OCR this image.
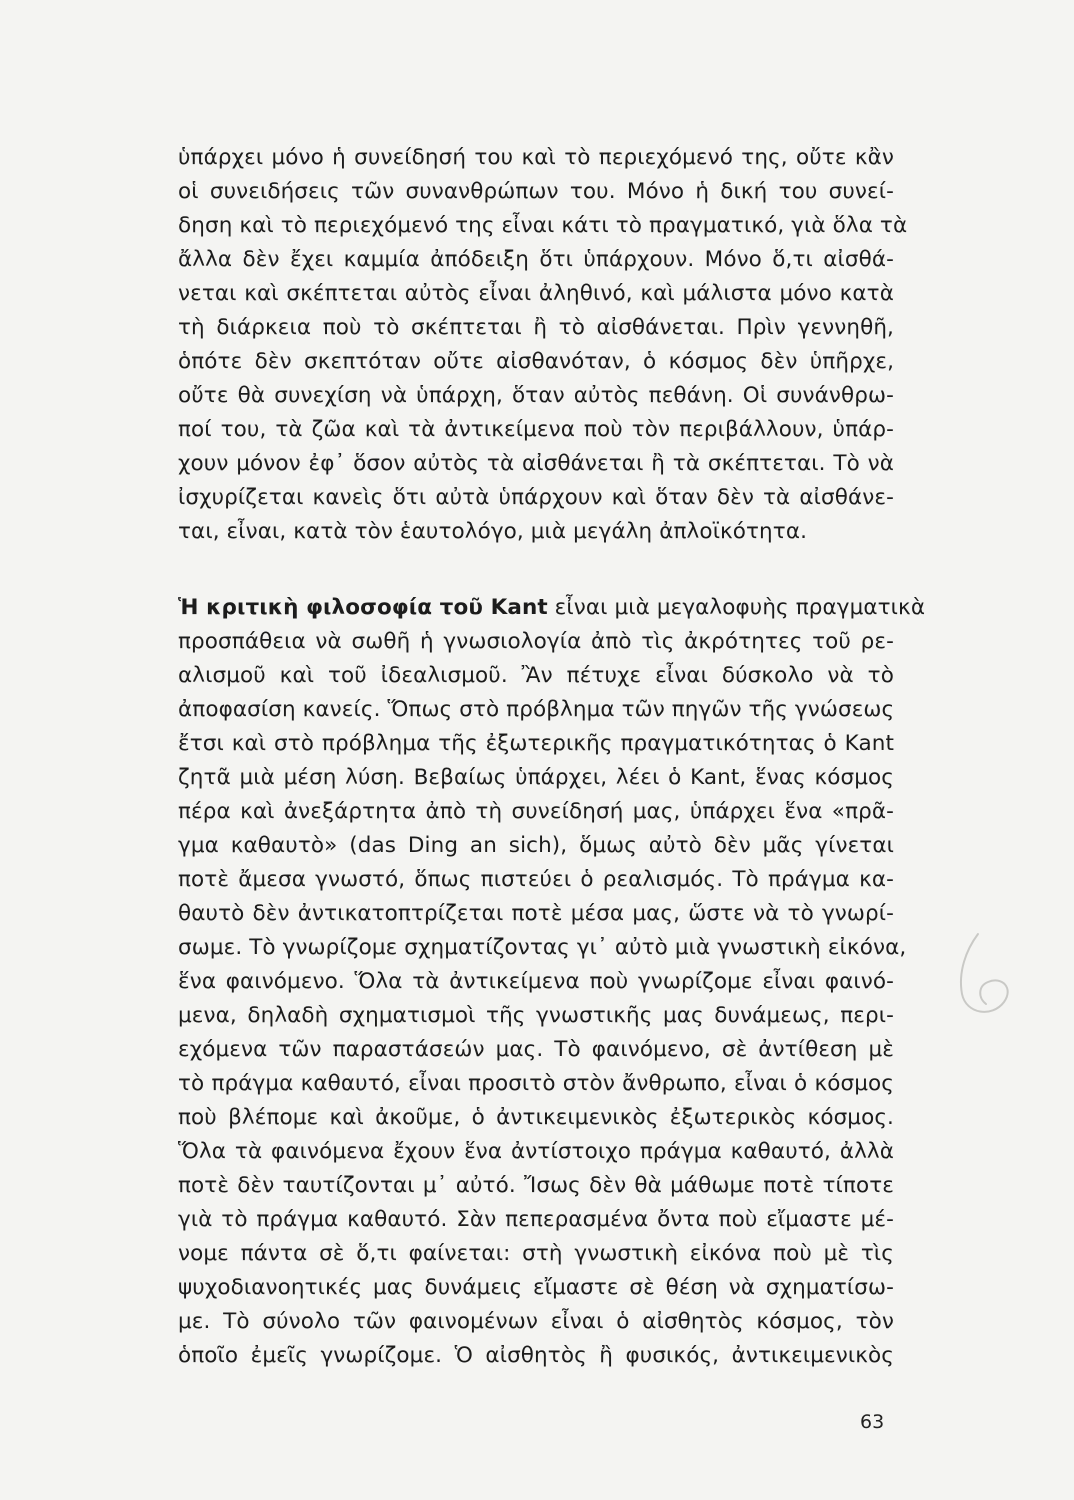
ὑπάρχει μόνο ἡ συνείδησή του καὶ τὸ περιεχόμενό της, οὔτε κἂν
οἱ συνειδήσεις τῶν συνανθρώπων του. Μόνο ἡ δική του συνεί-
δηση καὶ τὸ περιεχόμενό της εἶναι κάτι τὸ πραγματικό, γιὰ ὅλα τὰ
ἄλλα δὲν ἔχει καμμία ἀπόδειξη ὅτι ὑπάρχουν. Μόνο ὅ,τι αἰσθά-
νεται καὶ σκέπτεται αὐτὸς εἶναι ἀληθινό, καὶ μάλιστα μόνο κατὰ
τὴ διάρκεια ποὺ τὸ σκέπτεται ἢ τὸ αἰσθάνεται. Πρὶν γεννηθῆ,
ὁπότε δὲν σκεπτόταν οὔτε αἰσθανόταν, ὁ κόσμος δὲν ὑπῆρχε,
οὔτε θὰ συνεχίση νὰ ὑπάρχη, ὅταν αὐτὸς πεθάνη. Οἱ συνάνθρω-
ποί του, τὰ ζῶα καὶ τὰ ἀντικείμενα ποὺ τὸν περιβάλλουν, ὑπάρ-
χουν μόνον ἐφ᾽ ὅσον αὐτὸς τὰ αἰσθάνεται ἢ τὰ σκέπτεται. Τὸ νὰ
ἰσχυρίζεται κανεὶς ὅτι αὐτὰ ὑπάρχουν καὶ ὅταν δὲν τὰ αἰσθάνε-
ται, εἶναι, κατὰ τὸν ἑαυτολόγο, μιὰ μεγάλη ἀπλοϊκότητα.
Ἡ κριτικὴ φιλοσοφία τοῦ Kant εἶναι μιὰ μεγαλοφυὴς πραγματικὰ
προσπάθεια νὰ σωθῆ ἡ γνωσιολογία ἀπὸ τὶς ἀκρότητες τοῦ ρε-
αλισμοῦ καὶ τοῦ ἰδεαλισμοῦ. Ἂν πέτυχε εἶναι δύσκολο νὰ τὸ
ἀποφασίση κανείς. Ὅπως στὸ πρόβλημα τῶν πηγῶν τῆς γνώσεως
ἔτσι καὶ στὸ πρόβλημα τῆς ἐξωτερικῆς πραγματικότητας ὁ Kant
ζητᾶ μιὰ μέση λύση. Βεβαίως ὑπάρχει, λέει ὁ Kant, ἕνας κόσμος
πέρα καὶ ἀνεξάρτητα ἀπὸ τὴ συνείδησή μας, ὑπάρχει ἕνα «πρᾶ-
γμα καθαυτὸ» (das Ding an sich), ὅμως αὐτὸ δὲν μᾶς γίνεται
ποτὲ ἄμεσα γνωστό, ὅπως πιστεύει ὁ ρεαλισμός. Τὸ πράγμα κα-
θαυτὸ δὲν ἀντικατοπτρίζεται ποτὲ μέσα μας, ὥστε νὰ τὸ γνωρί-
σωμε. Τὸ γνωρίζομε σχηματίζοντας γι᾽ αὐτὸ μιὰ γνωστικὴ εἰκόνα,
ἕνα φαινόμενο. Ὅλα τὰ ἀντικείμενα ποὺ γνωρίζομε εἶναι φαινό-
μενα, δηλαδὴ σχηματισμοὶ τῆς γνωστικῆς μας δυνάμεως, περι-
εχόμενα τῶν παραστάσεών μας. Τὸ φαινόμενο, σὲ ἀντίθεση μὲ
τὸ πράγμα καθαυτό, εἶναι προσιτὸ στὸν ἄνθρωπο, εἶναι ὁ κόσμος
ποὺ βλέπομε καὶ ἀκοῦμε, ὁ ἀντικειμενικὸς ἐξωτερικὸς κόσμος.
Ὅλα τὰ φαινόμενα ἔχουν ἕνα ἀντίστοιχο πράγμα καθαυτό, ἀλλὰ
ποτὲ δὲν ταυτίζονται μ᾽ αὐτό. Ἴσως δὲν θὰ μάθωμε ποτὲ τίποτε
γιὰ τὸ πράγμα καθαυτό. Σὰν πεπερασμένα ὄντα ποὺ εἴμαστε μέ-
νομε πάντα σὲ ὅ,τι φαίνεται: στὴ γνωστικὴ εἰκόνα ποὺ μὲ τὶς
ψυχοδιανοητικές μας δυνάμεις εἴμαστε σὲ θέση νὰ σχηματίσω-
με. Τὸ σύνολο τῶν φαινομένων εἶναι ὁ αἰσθητὸς κόσμος, τὸν
ὁποῖο ἐμεῖς γνωρίζομε. Ὁ αἰσθητὸς ἢ φυσικός, ἀντικειμενικὸς
63
